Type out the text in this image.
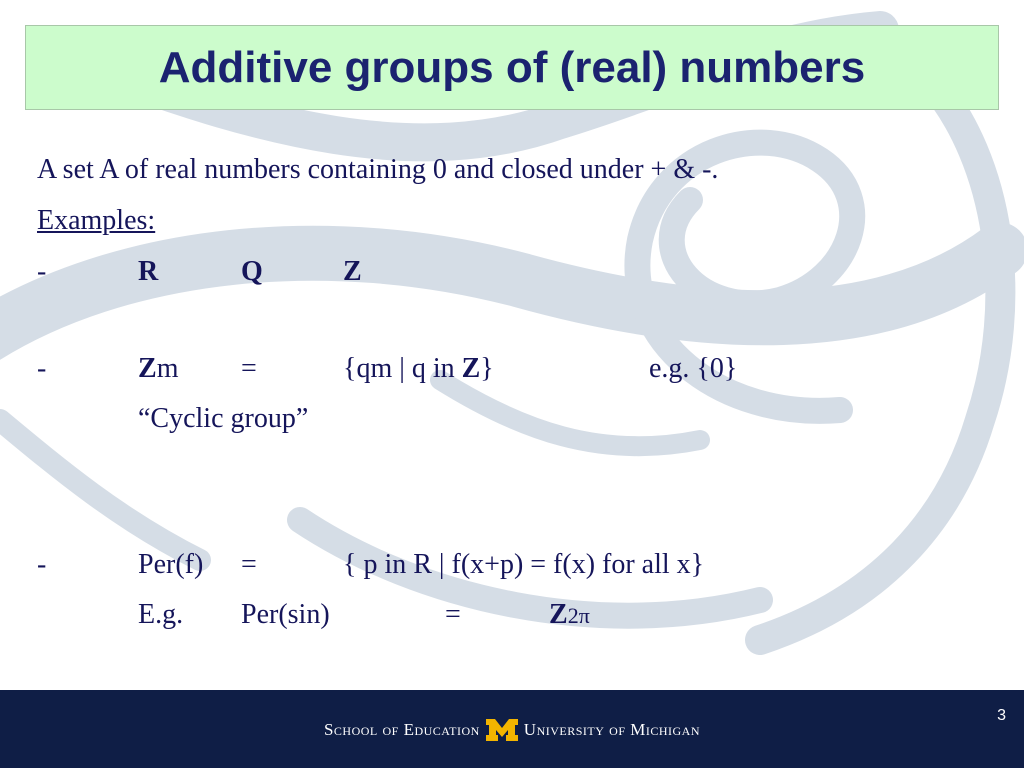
Additive groups of (real) numbers
A set A of real numbers containing 0 and closed under + & -.
Examples:
-	R	Q	Z
-	Zm =	{qm | q in Z}	e.g. {0}
“Cyclic group”
-	Per(f) =	{ p in R | f(x+p) = f(x) for all x}
E.g. Per(sin)	=	Z2π
School of Education	University of Michigan
3
